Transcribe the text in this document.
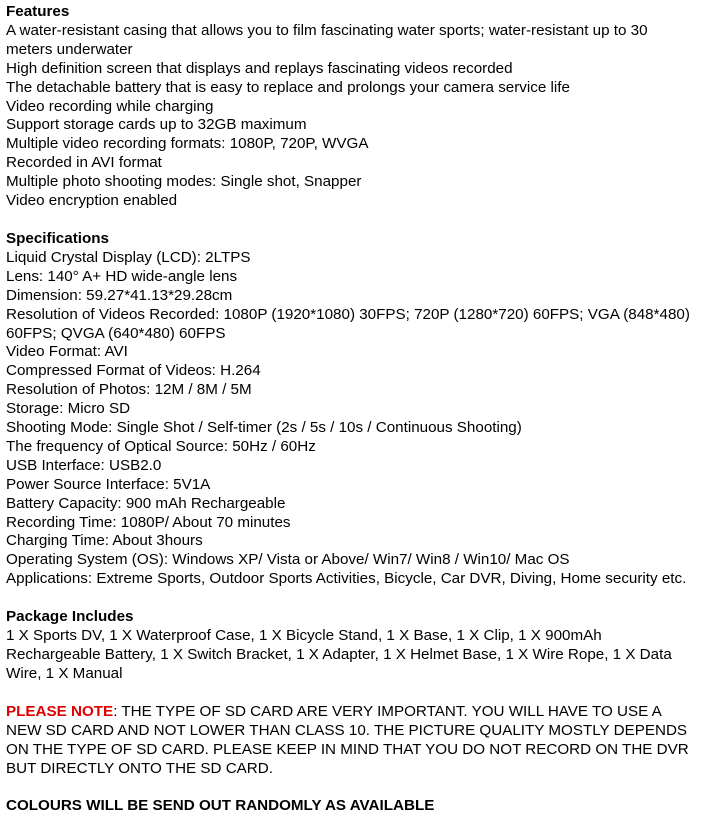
Features
A water-resistant casing that allows you to film fascinating water sports; water-resistant up to 30 meters underwater
High definition screen that displays and replays fascinating videos recorded
The detachable battery that is easy to replace and prolongs your camera service life
Video recording while charging
Support storage cards up to 32GB maximum
Multiple video recording formats: 1080P, 720P, WVGA
Recorded in AVI format
Multiple photo shooting modes: Single shot, Snapper
Video encryption enabled
Specifications
Liquid Crystal Display (LCD): 2LTPS
Lens: 140° A+ HD wide-angle lens
Dimension: 59.27*41.13*29.28cm
Resolution of Videos Recorded: 1080P (1920*1080) 30FPS; 720P (1280*720) 60FPS; VGA (848*480) 60FPS; QVGA (640*480) 60FPS
Video Format: AVI
Compressed Format of Videos: H.264
Resolution of Photos: 12M / 8M / 5M
Storage: Micro SD
Shooting Mode: Single Shot / Self-timer (2s / 5s / 10s / Continuous Shooting)
The frequency of Optical Source: 50Hz / 60Hz
USB Interface: USB2.0
Power Source Interface: 5V1A
Battery Capacity: 900 mAh Rechargeable
Recording Time: 1080P/ About 70 minutes
Charging Time: About 3hours
Operating System (OS): Windows XP/ Vista or Above/ Win7/ Win8 / Win10/ Mac OS
Applications: Extreme Sports, Outdoor Sports Activities, Bicycle, Car DVR, Diving, Home security etc.
Package Includes
1 X Sports DV, 1 X Waterproof Case, 1 X Bicycle Stand, 1 X Base, 1 X Clip, 1 X 900mAh Rechargeable Battery, 1 X Switch Bracket, 1 X Adapter, 1 X Helmet Base, 1 X Wire Rope, 1 X Data Wire, 1 X Manual
PLEASE NOTE: THE TYPE OF SD CARD ARE VERY IMPORTANT. YOU WILL HAVE TO USE A NEW SD CARD AND NOT LOWER THAN CLASS 10. THE PICTURE QUALITY MOSTLY DEPENDS ON THE TYPE OF SD CARD. PLEASE KEEP IN MIND THAT YOU DO NOT RECORD ON THE DVR BUT DIRECTLY ONTO THE SD CARD.
COLOURS WILL BE SEND OUT RANDOMLY AS AVAILABLE
